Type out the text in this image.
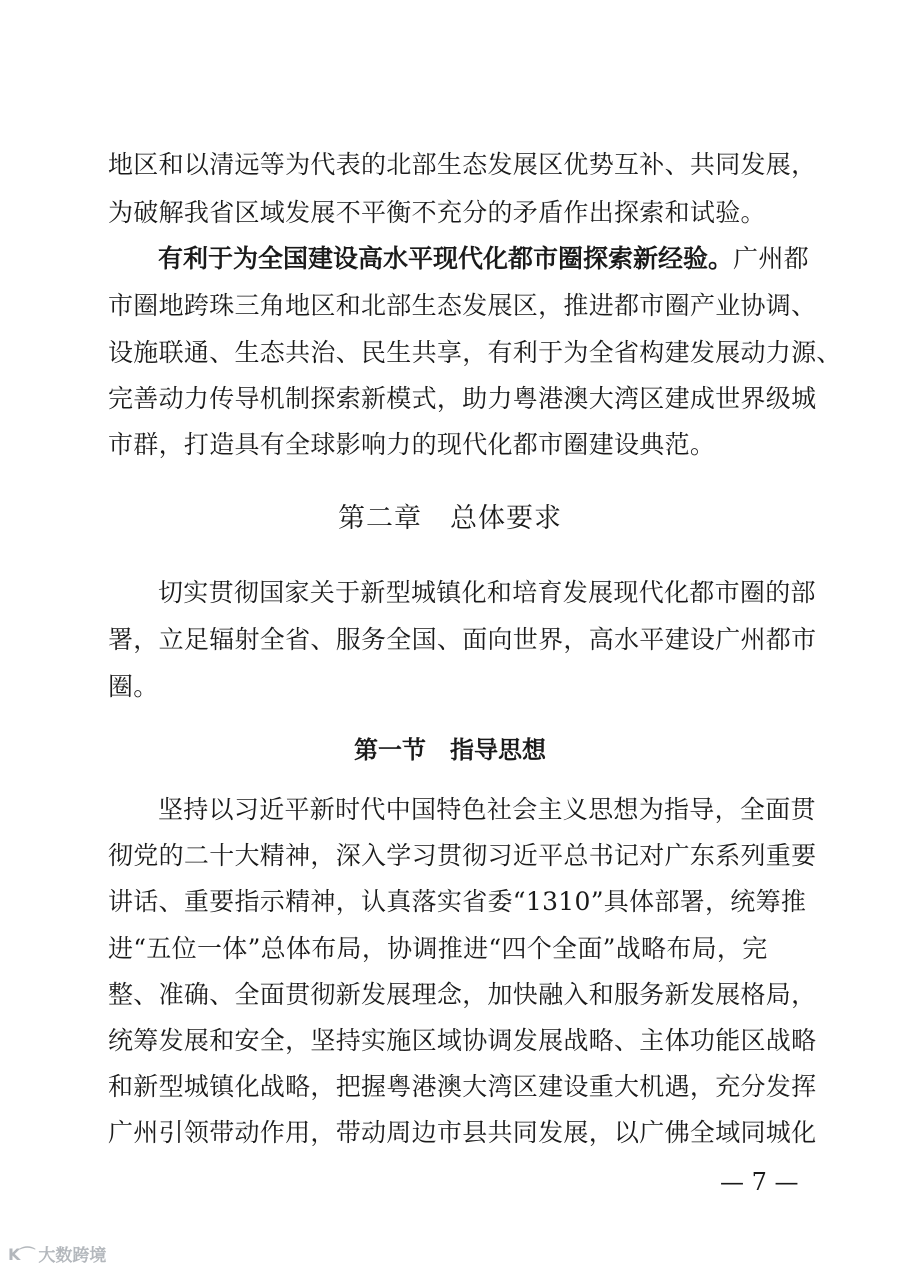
地区和以清远等为代表的北部生态发展区优势互补、共同发展，
为破解我省区域发展不平衡不充分的矛盾作出探索和试验。
有利于为全国建设高水平现代化都市圈探索新经验。广州都
市圈地跨珠三角地区和北部生态发展区，推进都市圈产业协调、
设施联通、生态共治、民生共享，有利于为全省构建发展动力源、
完善动力传导机制探索新模式，助力粤港澳大湾区建成世界级城
市群，打造具有全球影响力的现代化都市圈建设典范。
第二章　总体要求
切实贯彻国家关于新型城镇化和培育发展现代化都市圈的部
署，立足辐射全省、服务全国、面向世界，高水平建设广州都市
圈。
第一节　指导思想
坚持以习近平新时代中国特色社会主义思想为指导，全面贯
彻党的二十大精神，深入学习贯彻习近平总书记对广东系列重要
讲话、重要指示精神，认真落实省委“1310”具体部署，统筹推
进“五位一体”总体布局，协调推进“四个全面”战略布局，完
整、准确、全面贯彻新发展理念，加快融入和服务新发展格局，
统筹发展和安全，坚持实施区域协调发展战略、主体功能区战略
和新型城镇化战略，把握粤港澳大湾区建设重大机遇，充分发挥
广州引领带动作用，带动周边市县共同发展，以广佛全域同城化
— 7 —
K⌒ 大数跨境
